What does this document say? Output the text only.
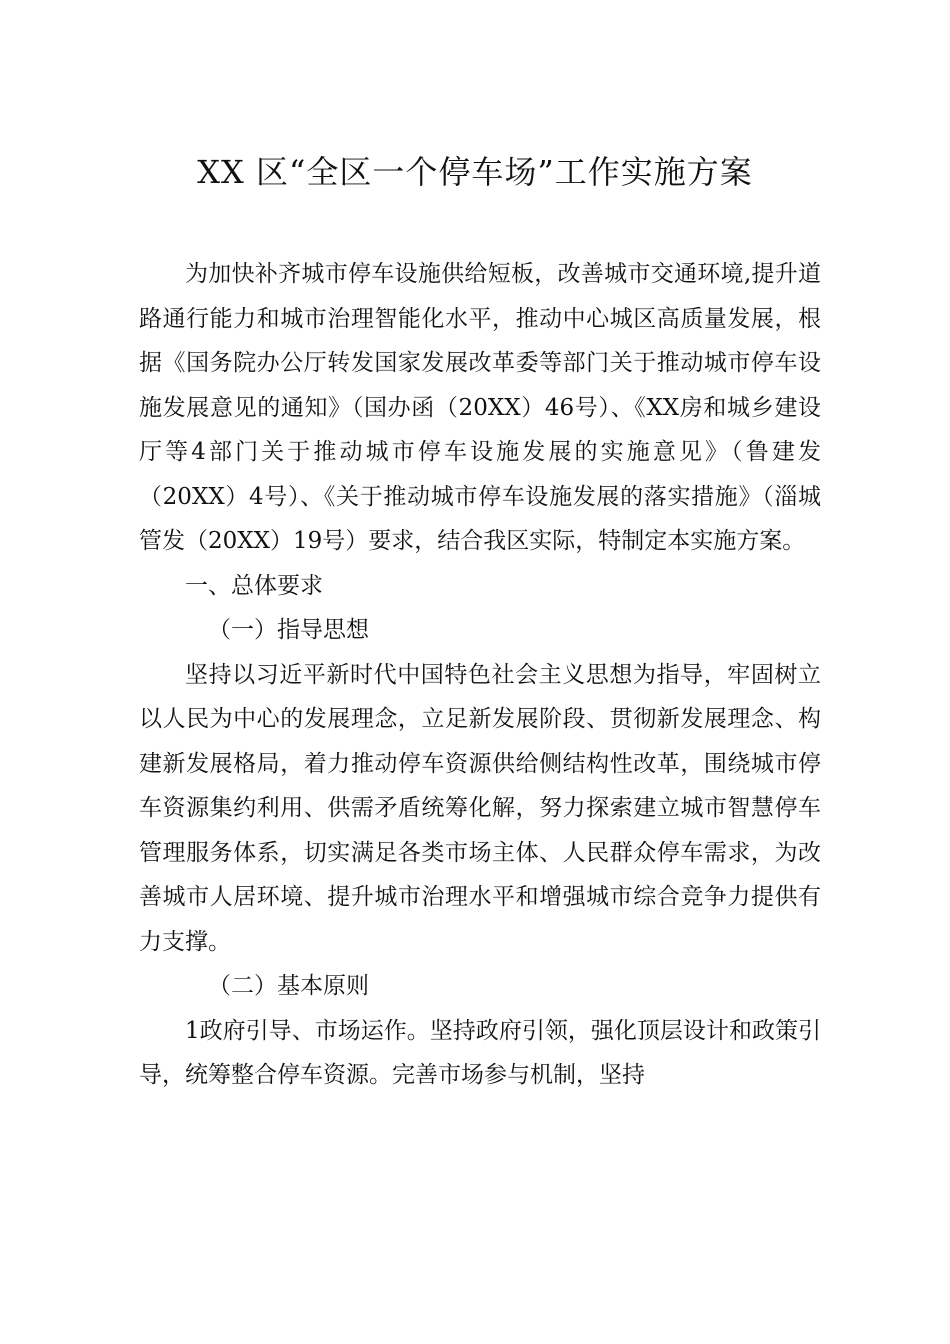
XX 区“全区一个停车场”工作实施方案

为加快补齐城市停车设施供给短板，改善城市交通环境,提升道路通行能力和城市治理智能化水平，推动中心城区高质量发展，根据《国务院办公厅转发国家发展改革委等部门关于推动城市停车设施发展意见的通知》（国办函（20XX）46号）、《XX房和城乡建设厅等4部门关于推动城市停车设施发展的实施意见》（鲁建发（20XX）4号）、《关于推动城市停车设施发展的落实措施》（淄城管发（20XX）19号）要求，结合我区实际，特制定本实施方案。

一、总体要求

（一）指导思想

坚持以习近平新时代中国特色社会主义思想为指导，牢固树立以人民为中心的发展理念，立足新发展阶段、贯彻新发展理念、构建新发展格局，着力推动停车资源供给侧结构性改革，围绕城市停车资源集约利用、供需矛盾统筹化解，努力探索建立城市智慧停车管理服务体系，切实满足各类市场主体、人民群众停车需求，为改善城市人居环境、提升城市治理水平和增强城市综合竞争力提供有力支撑。

（二）基本原则

1政府引导、市场运作。坚持政府引领，强化顶层设计和政策引导，统筹整合停车资源。完善市场参与机制，坚持
